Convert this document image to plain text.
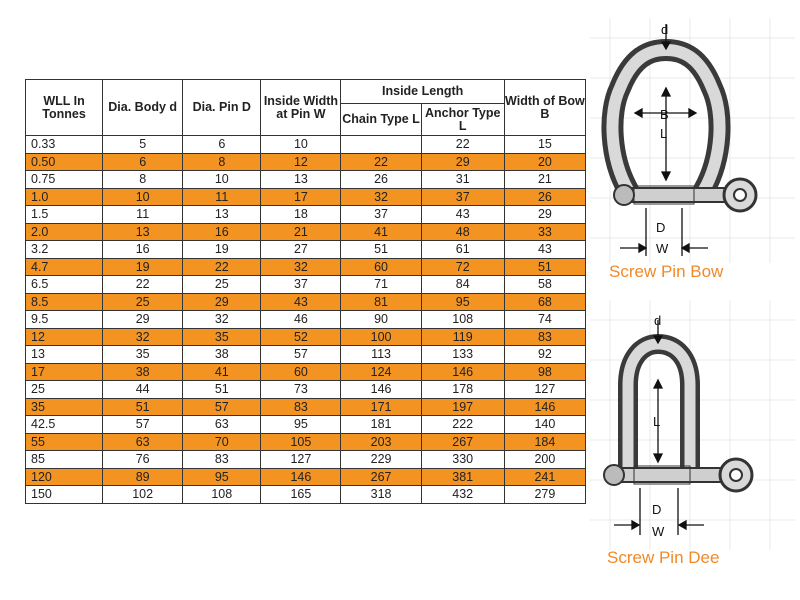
WLL In Tonnes	Dia. Body d	Dia. Pin D	Inside Width at Pin W	Inside Length		Width of Bow B
				Chain Type L	Anchor Type L	
0.33	5	6	10		22	15
0.50	6	8	12	22	29	20
0.75	8	10	13	26	31	21
1.0	10	11	17	32	37	26
1.5	11	13	18	37	43	29
2.0	13	16	21	41	48	33
3.2	16	19	27	51	61	43
4.7	19	22	32	60	72	51
6.5	22	25	37	71	84	58
8.5	25	29	43	81	95	68
9.5	29	32	46	90	108	74
12	32	35	52	100	119	83
13	35	38	57	113	133	92
17	38	41	60	124	146	98
25	44	51	73	146	178	127
35	51	57	83	171	197	146
42.5	57	63	95	181	222	140
55	63	70	105	203	267	184
85	76	83	127	229	330	200
120	89	95	146	267	381	241
150	102	108	165	318	432	279
d
B
L
D
W
Screw Pin Bow
d
L
D
W
Screw Pin Dee
